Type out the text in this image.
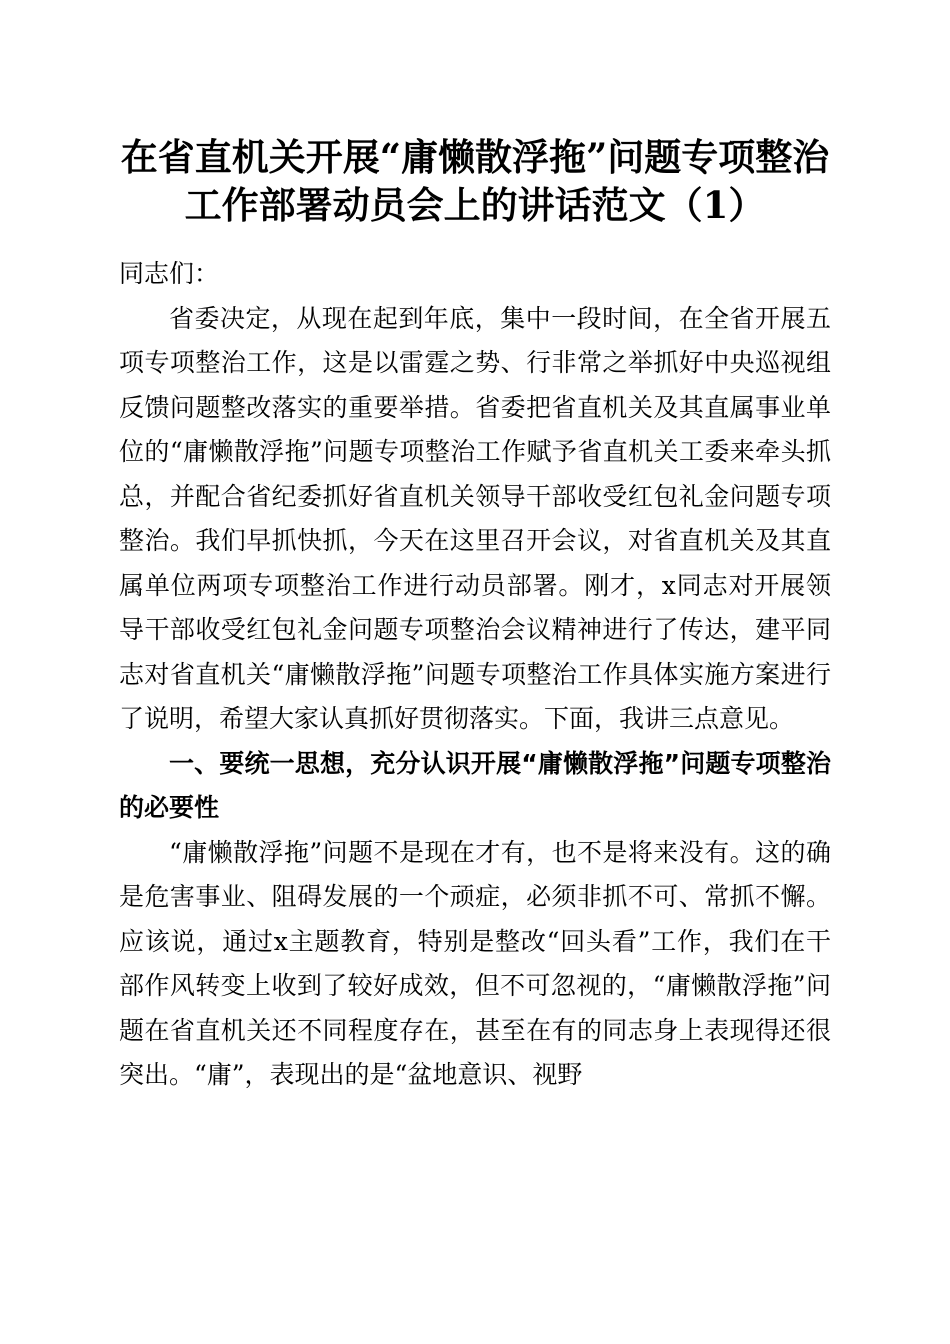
在省直机关开展“庸懒散浮拖”问题专项整治
工作部署动员会上的讲话范文（1）

同志们：

省委决定，从现在起到年底，集中一段时间，在全省开展五项专项整治工作，这是以雷霆之势、行非常之举抓好中央巡视组反馈问题整改落实的重要举措。省委把省直机关及其直属事业单位的“庸懒散浮拖”问题专项整治工作赋予省直机关工委来牵头抓总，并配合省纪委抓好省直机关领导干部收受红包礼金问题专项整治。我们早抓快抓，今天在这里召开会议，对省直机关及其直属单位两项专项整治工作进行动员部署。刚才，x同志对开展领导干部收受红包礼金问题专项整治会议精神进行了传达，建平同志对省直机关“庸懒散浮拖”问题专项整治工作具体实施方案进行了说明，希望大家认真抓好贯彻落实。下面，我讲三点意见。

一、要统一思想，充分认识开展“庸懒散浮拖”问题专项整治的必要性

“庸懒散浮拖”问题不是现在才有，也不是将来没有。这的确是危害事业、阻碍发展的一个顽症，必须非抓不可、常抓不懈。应该说，通过x主题教育，特别是整改“回头看”工作，我们在干部作风转变上收到了较好成效，但不可忽视的，“庸懒散浮拖”问题在省直机关还不同程度存在，甚至在有的同志身上表现得还很突出。“庸”，表现出的是“盆地意识、视野
